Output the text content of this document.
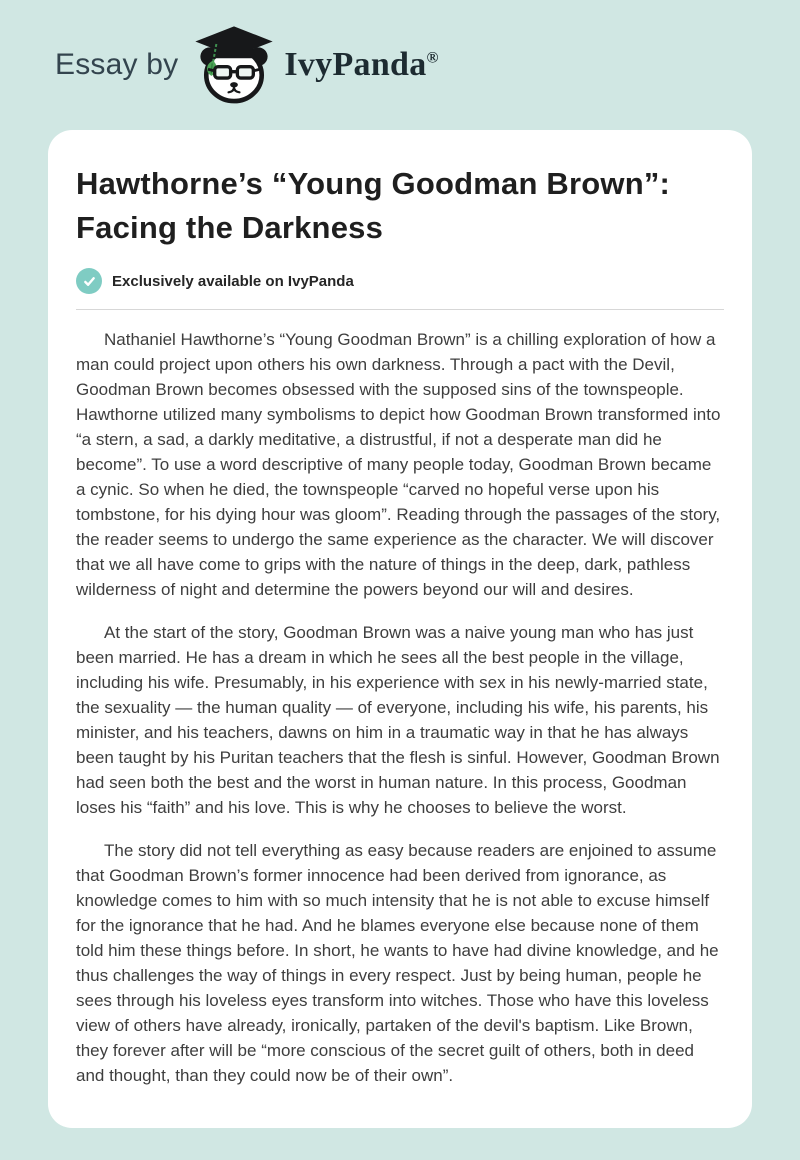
Essay by	IvyPanda®
Hawthorne’s “Young Goodman Brown”: Facing the Darkness
Exclusively available on IvyPanda

Nathaniel Hawthorne’s “Young Goodman Brown” is a chilling exploration of how a man could project upon others his own darkness. Through a pact with the Devil, Goodman Brown becomes obsessed with the supposed sins of the townspeople. Hawthorne utilized many symbolisms to depict how Goodman Brown transformed into “a stern, a sad, a darkly meditative, a distrustful, if not a desperate man did he become”. To use a word descriptive of many people today, Goodman Brown became a cynic. So when he died, the townspeople “carved no hopeful verse upon his tombstone, for his dying hour was gloom”. Reading through the passages of the story, the reader seems to undergo the same experience as the character. We will discover that we all have come to grips with the nature of things in the deep, dark, pathless wilderness of night and determine the powers beyond our will and desires.

At the start of the story, Goodman Brown was a naive young man who has just been married. He has a dream in which he sees all the best people in the village, including his wife. Presumably, in his experience with sex in his newly-married state, the sexuality — the human quality — of everyone, including his wife, his parents, his minister, and his teachers, dawns on him in a traumatic way in that he has always been taught by his Puritan teachers that the flesh is sinful. However, Goodman Brown had seen both the best and the worst in human nature. In this process, Goodman loses his “faith” and his love. This is why he chooses to believe the worst.

The story did not tell everything as easy because readers are enjoined to assume that Goodman Brown’s former innocence had been derived from ignorance, as knowledge comes to him with so much intensity that he is not able to excuse himself for the ignorance that he had. And he blames everyone else because none of them told him these things before. In short, he wants to have had divine knowledge, and he thus challenges the way of things in every respect. Just by being human, people he sees through his loveless eyes transform into witches. Those who have this loveless view of others have already, ironically, partaken of the devil's baptism. Like Brown, they forever after will be “more conscious of the secret guilt of others, both in deed and thought, than they could now be of their own”.
